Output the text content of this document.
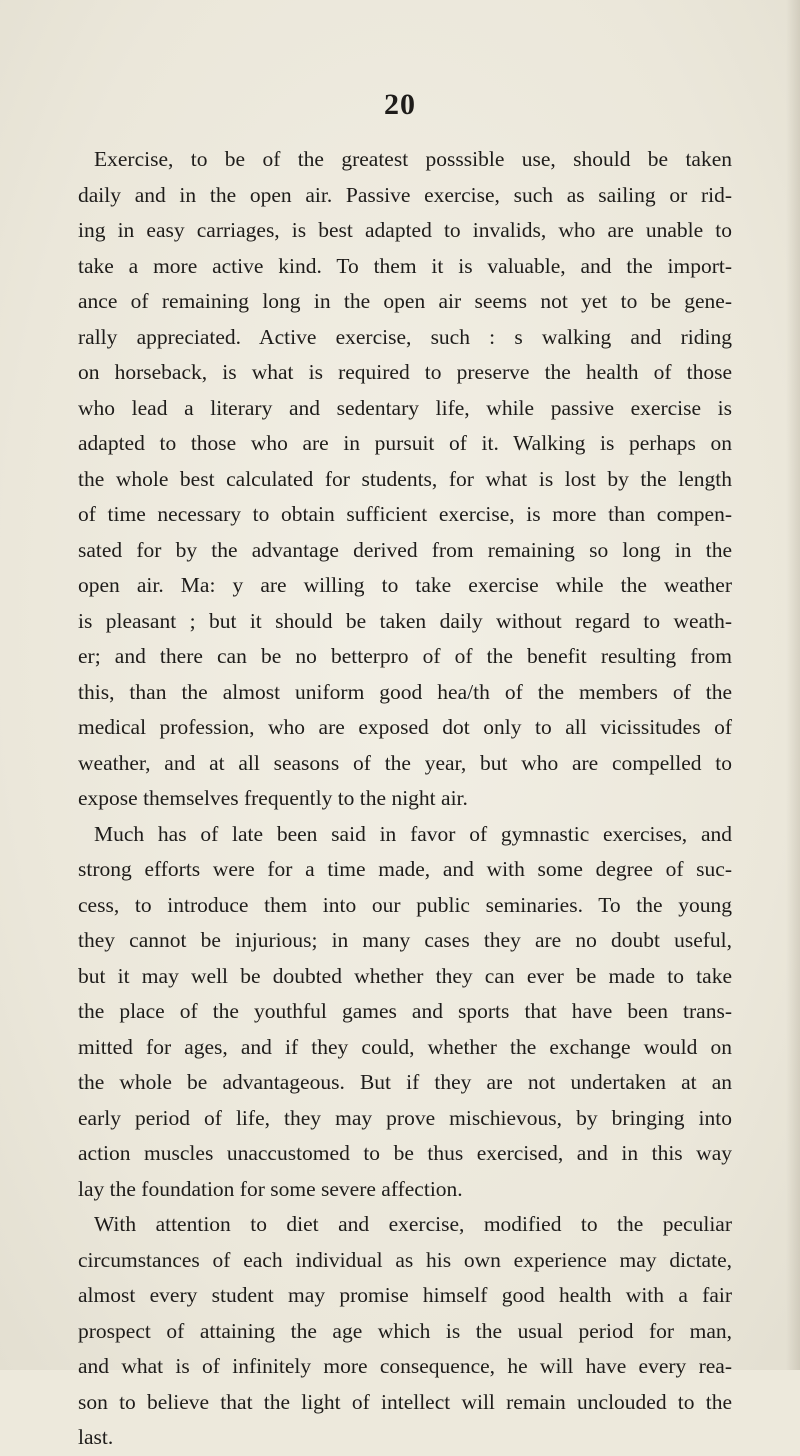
20
Exercise, to be of the greatest posssible use, should be taken
daily and in the open air. Passive exercise, such as sailing or rid-
ing in easy carriages, is best adapted to invalids, who are unable to
take a more active kind. To them it is valuable, and the import-
ance of remaining long in the open air seems not yet to be gene-
rally appreciated. Active exercise, such : s walking and riding
on horseback, is what is required to preserve the health of those
who lead a literary and sedentary life, while passive exercise is
adapted to those who are in pursuit of it. Walking is perhaps on
the whole best calculated for students, for what is lost by the length
of time necessary to obtain sufficient exercise, is more than compen-
sated for by the advantage derived from remaining so long in the
open air. Ma: y are willing to take exercise while the weather
is pleasant ; but it should be taken daily without regard to weath-
er; and there can be no betterpro of of the benefit resulting from
this, than the almost uniform good hea/th of the members of the
medical profession, who are exposed dot only to all vicissitudes of
weather, and at all seasons of the year, but who are compelled to
expose themselves frequently to the night air.
Much has of late been said in favor of gymnastic exercises, and
strong efforts were for a time made, and with some degree of suc-
cess, to introduce them into our public seminaries. To the young
they cannot be injurious; in many cases they are no doubt useful,
but it may well be doubted whether they can ever be made to take
the place of the youthful games and sports that have been trans-
mitted for ages, and if they could, whether the exchange would on
the whole be advantageous. But if they are not undertaken at an
early period of life, they may prove mischievous, by bringing into
action muscles unaccustomed to be thus exercised, and in this way
lay the foundation for some severe affection.
With attention to diet and exercise, modified to the peculiar
circumstances of each individual as his own experience may dictate,
almost every student may promise himself good health with a fair
prospect of attaining the age which is the usual period for man,
and what is of infinitely more consequence, he will have every rea-
son to believe that the light of intellect will remain unclouded to the
last.
